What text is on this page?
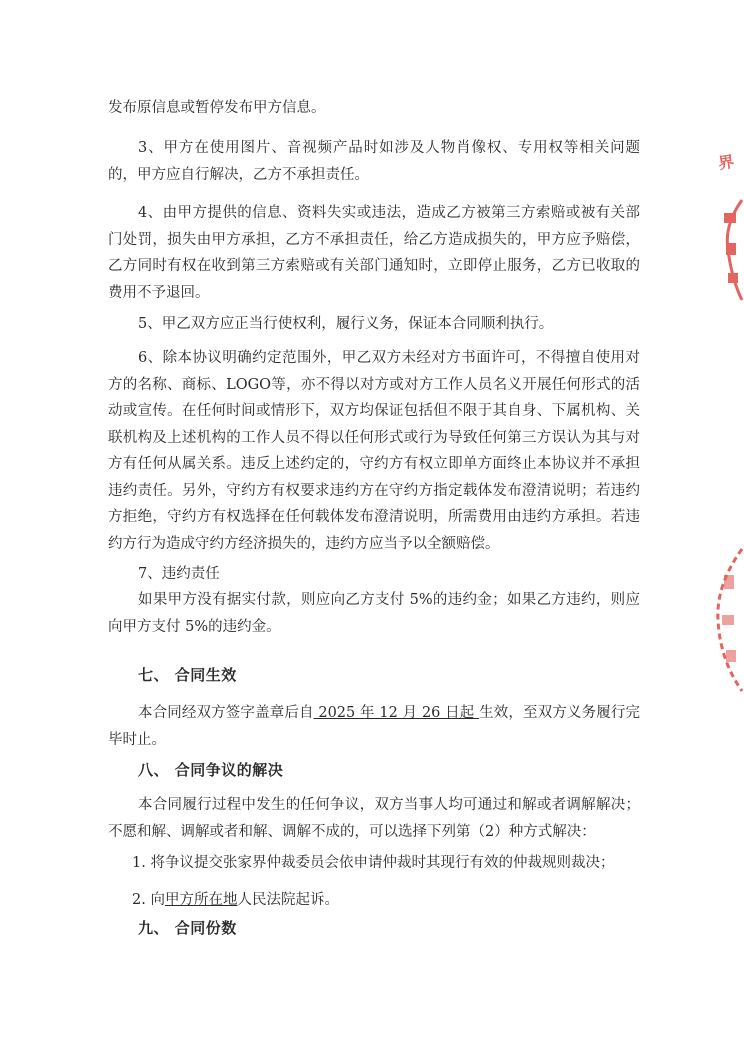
发布原信息或暂停发布甲方信息。
3、甲方在使用图片、音视频产品时如涉及人物肖像权、专用权等相关问题的，甲方应自行解决，乙方不承担责任。
4、由甲方提供的信息、资料失实或违法，造成乙方被第三方索赔或被有关部门处罚，损失由甲方承担，乙方不承担责任，给乙方造成损失的，甲方应予赔偿，乙方同时有权在收到第三方索赔或有关部门通知时，立即停止服务，乙方已收取的费用不予退回。
5、甲乙双方应正当行使权利，履行义务，保证本合同顺利执行。
6、除本协议明确约定范围外，甲乙双方未经对方书面许可，不得擅自使用对方的名称、商标、LOGO等，亦不得以对方或对方工作人员名义开展任何形式的活动或宣传。在任何时间或情形下，双方均保证包括但不限于其自身、下属机构、关联机构及上述机构的工作人员不得以任何形式或行为导致任何第三方误认为其与对方有任何从属关系。违反上述约定的，守约方有权立即单方面终止本协议并不承担违约责任。另外，守约方有权要求违约方在守约方指定载体发布澄清说明；若违约方拒绝，守约方有权选择在任何载体发布澄清说明，所需费用由违约方承担。若违约方行为造成守约方经济损失的，违约方应当予以全额赔偿。
7、违约责任
如果甲方没有据实付款，则应向乙方支付 5%的违约金；如果乙方违约，则应向甲方支付 5%的违约金。
七、 合同生效
本合同经双方签字盖章后自 2025 年 12 月 26 日起 生效，至双方义务履行完毕时止。
八、 合同争议的解决
本合同履行过程中发生的任何争议，双方当事人均可通过和解或者调解解决；不愿和解、调解或者和解、调解不成的，可以选择下列第（2）种方式解决：
1. 将争议提交张家界仲裁委员会依申请仲裁时其现行有效的仲裁规则裁决；
2. 向甲方所在地人民法院起诉。
九、 合同份数
界
